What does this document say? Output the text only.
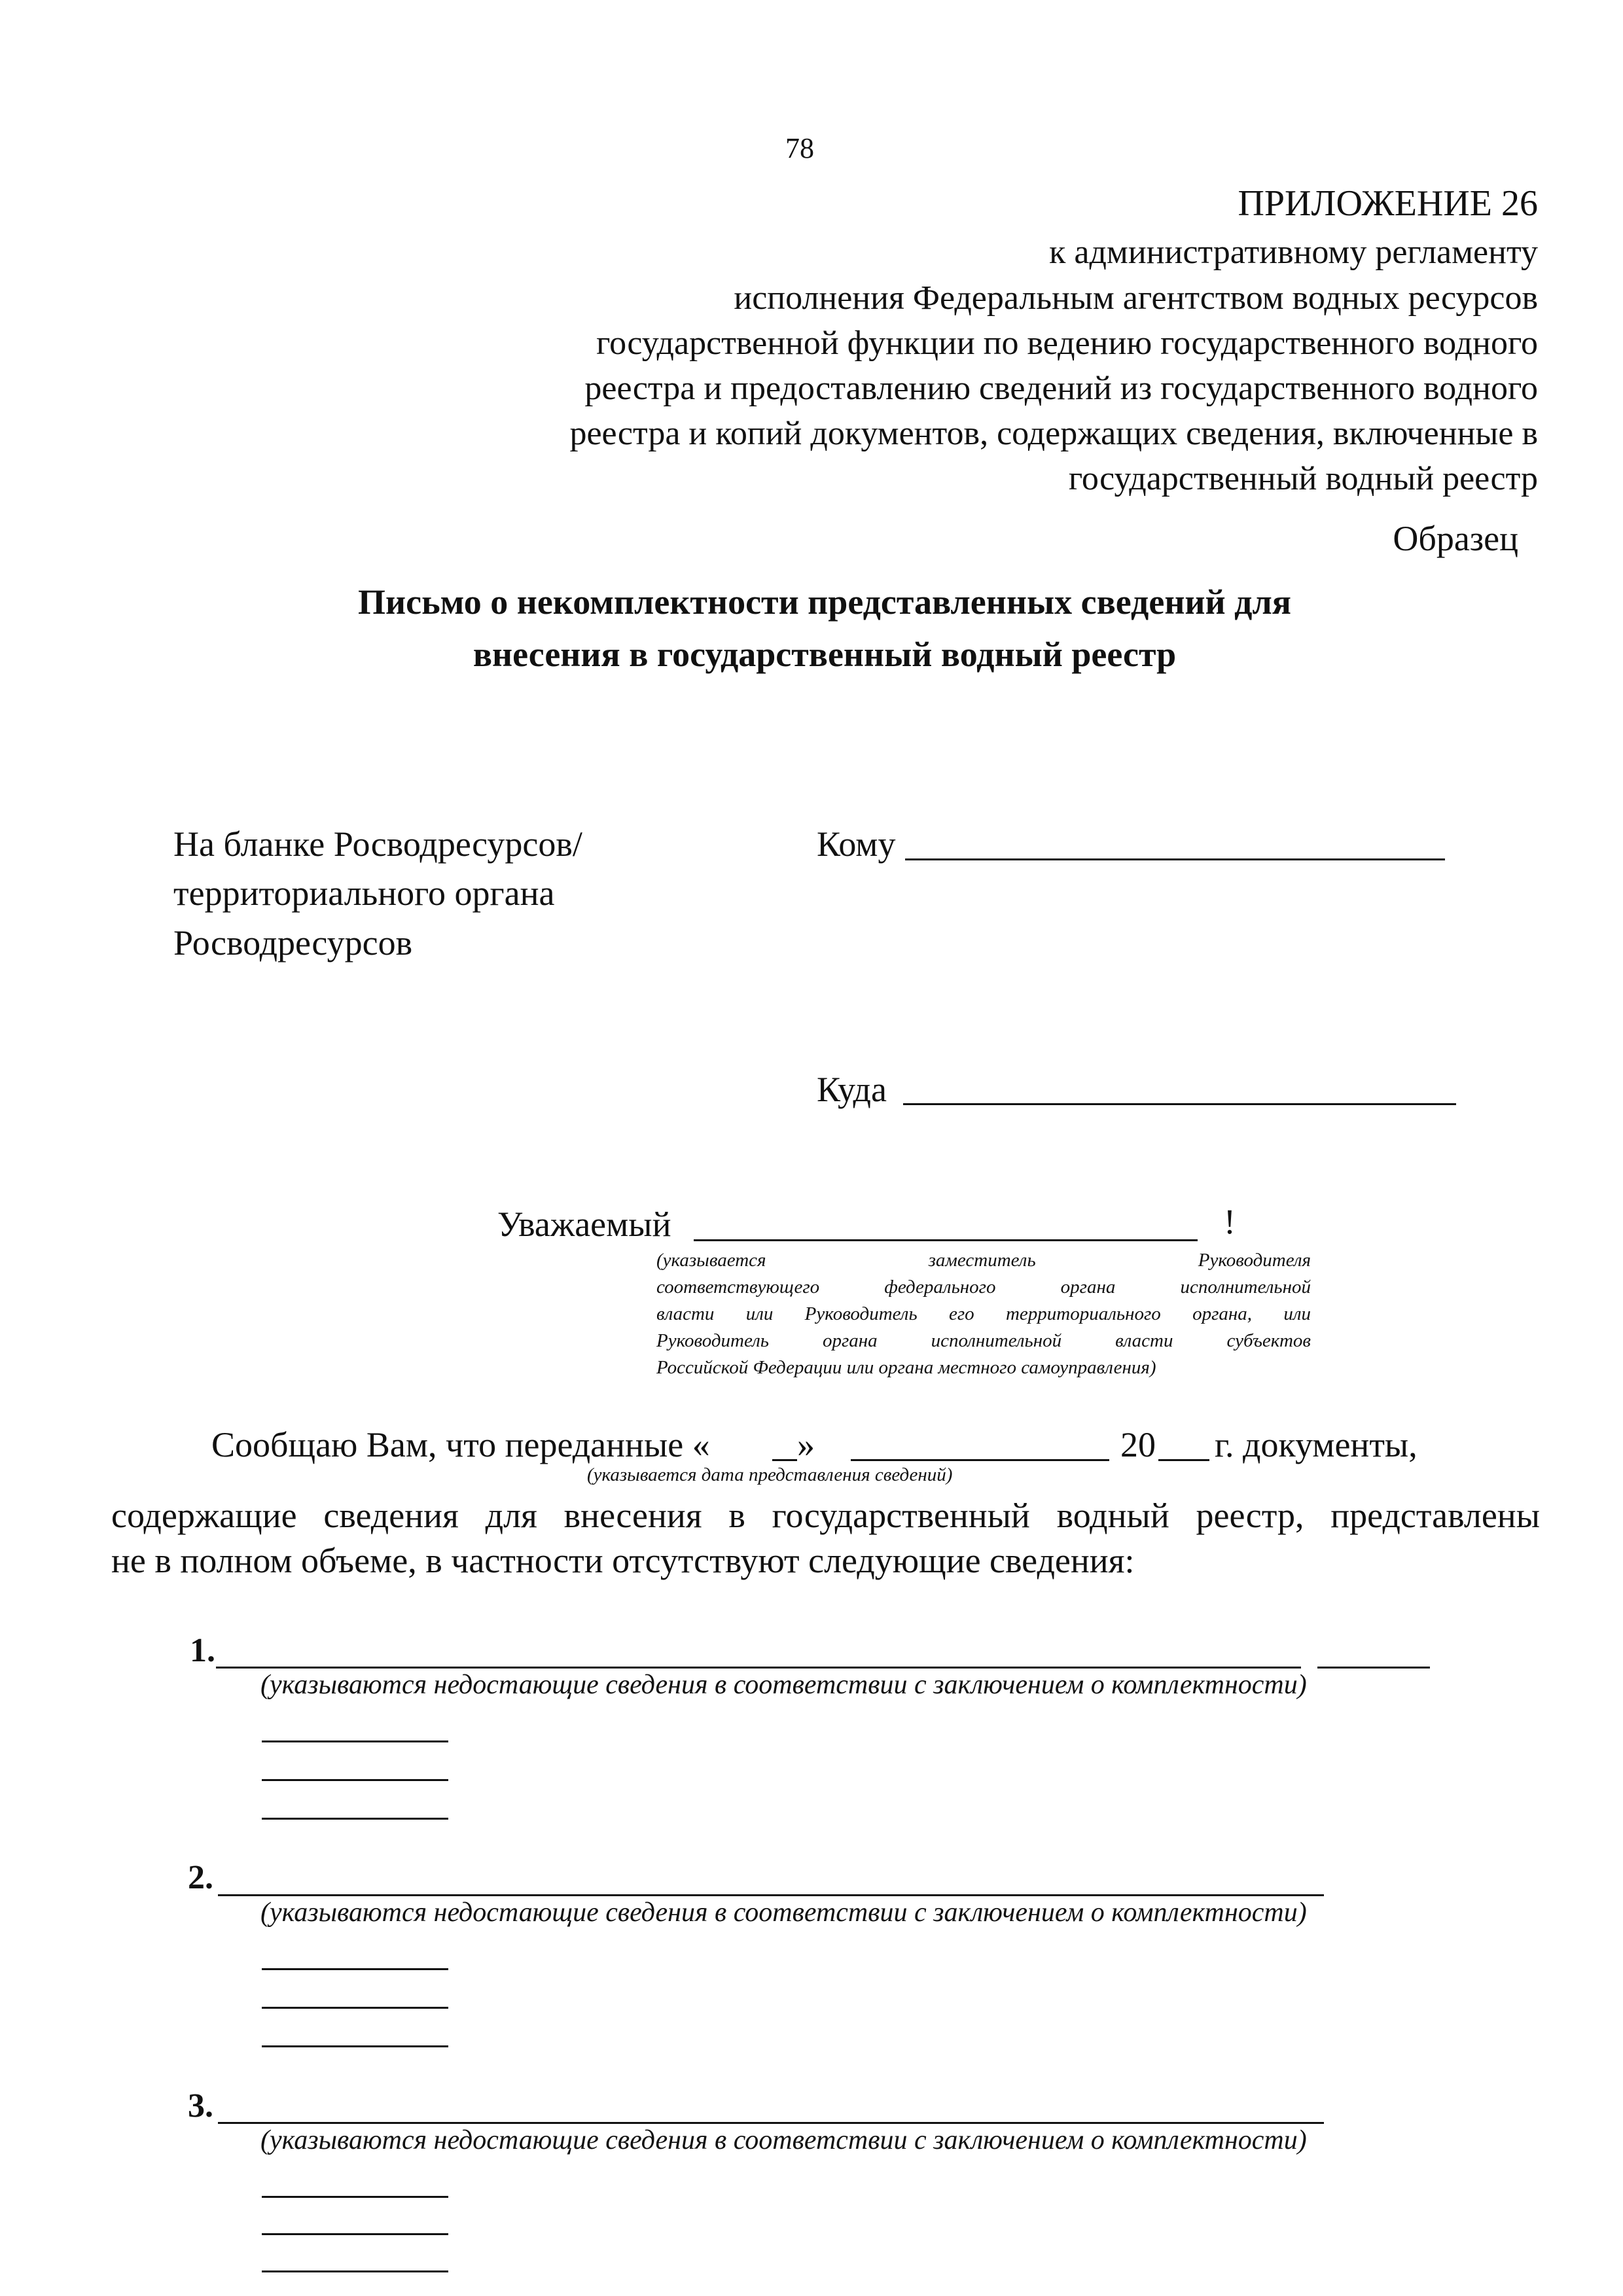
78
ПРИЛОЖЕНИЕ 26
к административному регламенту
исполнения Федеральным агентством водных ресурсов
государственной функции по ведению государственного водного
реестра и предоставлению сведений из государственного водного
реестра и копий документов, содержащих сведения, включенные в
государственный водный реестр
Образец
Письмо о некомплектности представленных сведений для
внесения в государственный водный реестр
На бланке Росводресурсов/
территориального органа
Росводресурсов
Кому
Куда
Уважаемый	!
(указывается заместитель Руководителя
соответствующего федерального органа исполнительной
власти или Руководитель его территориального органа, или
Руководитель органа исполнительной власти субъектов
Российской Федерации или органа местного самоуправления)
Сообщаю Вам, что переданные « »	20 г. документы,
(указывается дата представления сведений)
содержащие сведения для внесения в государственный водный реестр, представлены
не в полном объеме, в частности отсутствуют следующие сведения:
1.
(указываются недостающие сведения в соответствии с заключением о комплектности)
2.
(указываются недостающие сведения в соответствии с заключением о комплектности)
3.
(указываются недостающие сведения в соответствии с заключением о комплектности)
